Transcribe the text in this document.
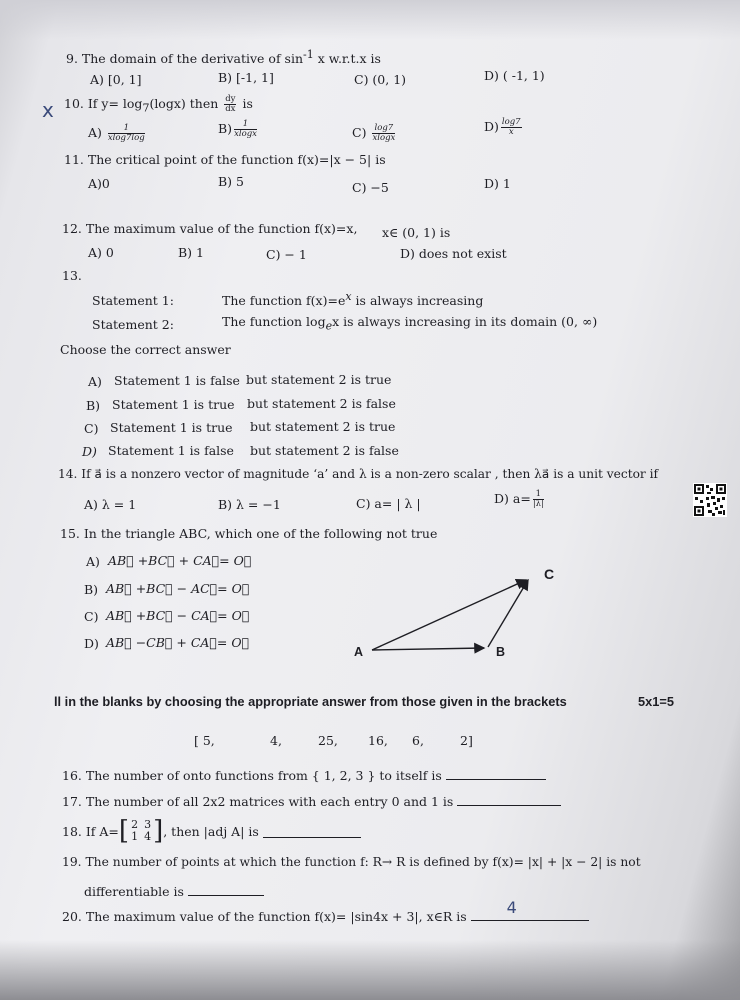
9. The domain of the derivative of $\sin^{-1} x$ w.r.t.x is
A) [0, 1]	B) [-1, 1]	C) (0, 1)	D) ( -1, 1)
x 10. If $y= \log_7(\log x)$ then $\frac{dy}{dx}$ is
$A) \frac{1}{xlog7\log}$	$B) \frac{1}{xlogx}$	$C) \frac{\log 7}{xlogx}$	$D) \frac{\log 7}{x}$
11. The critical point of the function f(x)=|x − 5| is
A)0	B) 5	C) −5	D) 1
12. The maximum value of the function f(x)=x, x∈ (0, 1) is
A) 0	B) 1	C) − 1	D) does not exist
13.
Statement 1:	The function $f(x)=e^x$ is always increasing
Statement 2:	The function $\log_ex$ is always increasing in its domain (0, ∞)
Choose the correct answer
A) Statement 1 is false but statement 2 is true
B) Statement 1 is true but statement 2 is false
C) Statement 1 is true but statement 2 is true
D) Statement 1 is false but statement 2 is false
14. If a⃗ is a nonzero vector of magnitude ‘a’ and λ is a non-zero scalar , then λa⃗ is a unit vector if
A) λ = 1	B) λ = −1	C) a= | λ |	D) $a= \frac{1}{|\lambda|}$
15. In the triangle ABC, which one of the following not true
A) AB⃗ +BC⃗ + CA⃗= O⃗
B) AB⃗ +BC⃗ − AC⃗= O⃗
C) AB⃗ +BC⃗ − CA⃗= O⃗
D) AB⃗ −CB⃗ + CA⃗= O⃗
A	B
C
ll in the blanks by choosing the appropriate answer from those given in the brackets	5x1=5
[ 5,	4,	25, 16, 6,	2]
16. The number of onto functions from { 1, 2, 3 } to itself is
17. The number of all 2x2 matrices with each entry 0 and 1 is
18. If A= [ 2 3
1 4 ] , then |adj A| is

19. The number of points at which the function f: R→ R is defined by f(x)= |x| + |x − 2| is not
differentiable is
20. The maximum value of the function f(x)= |sin4x + 3|, x∈R is 4
